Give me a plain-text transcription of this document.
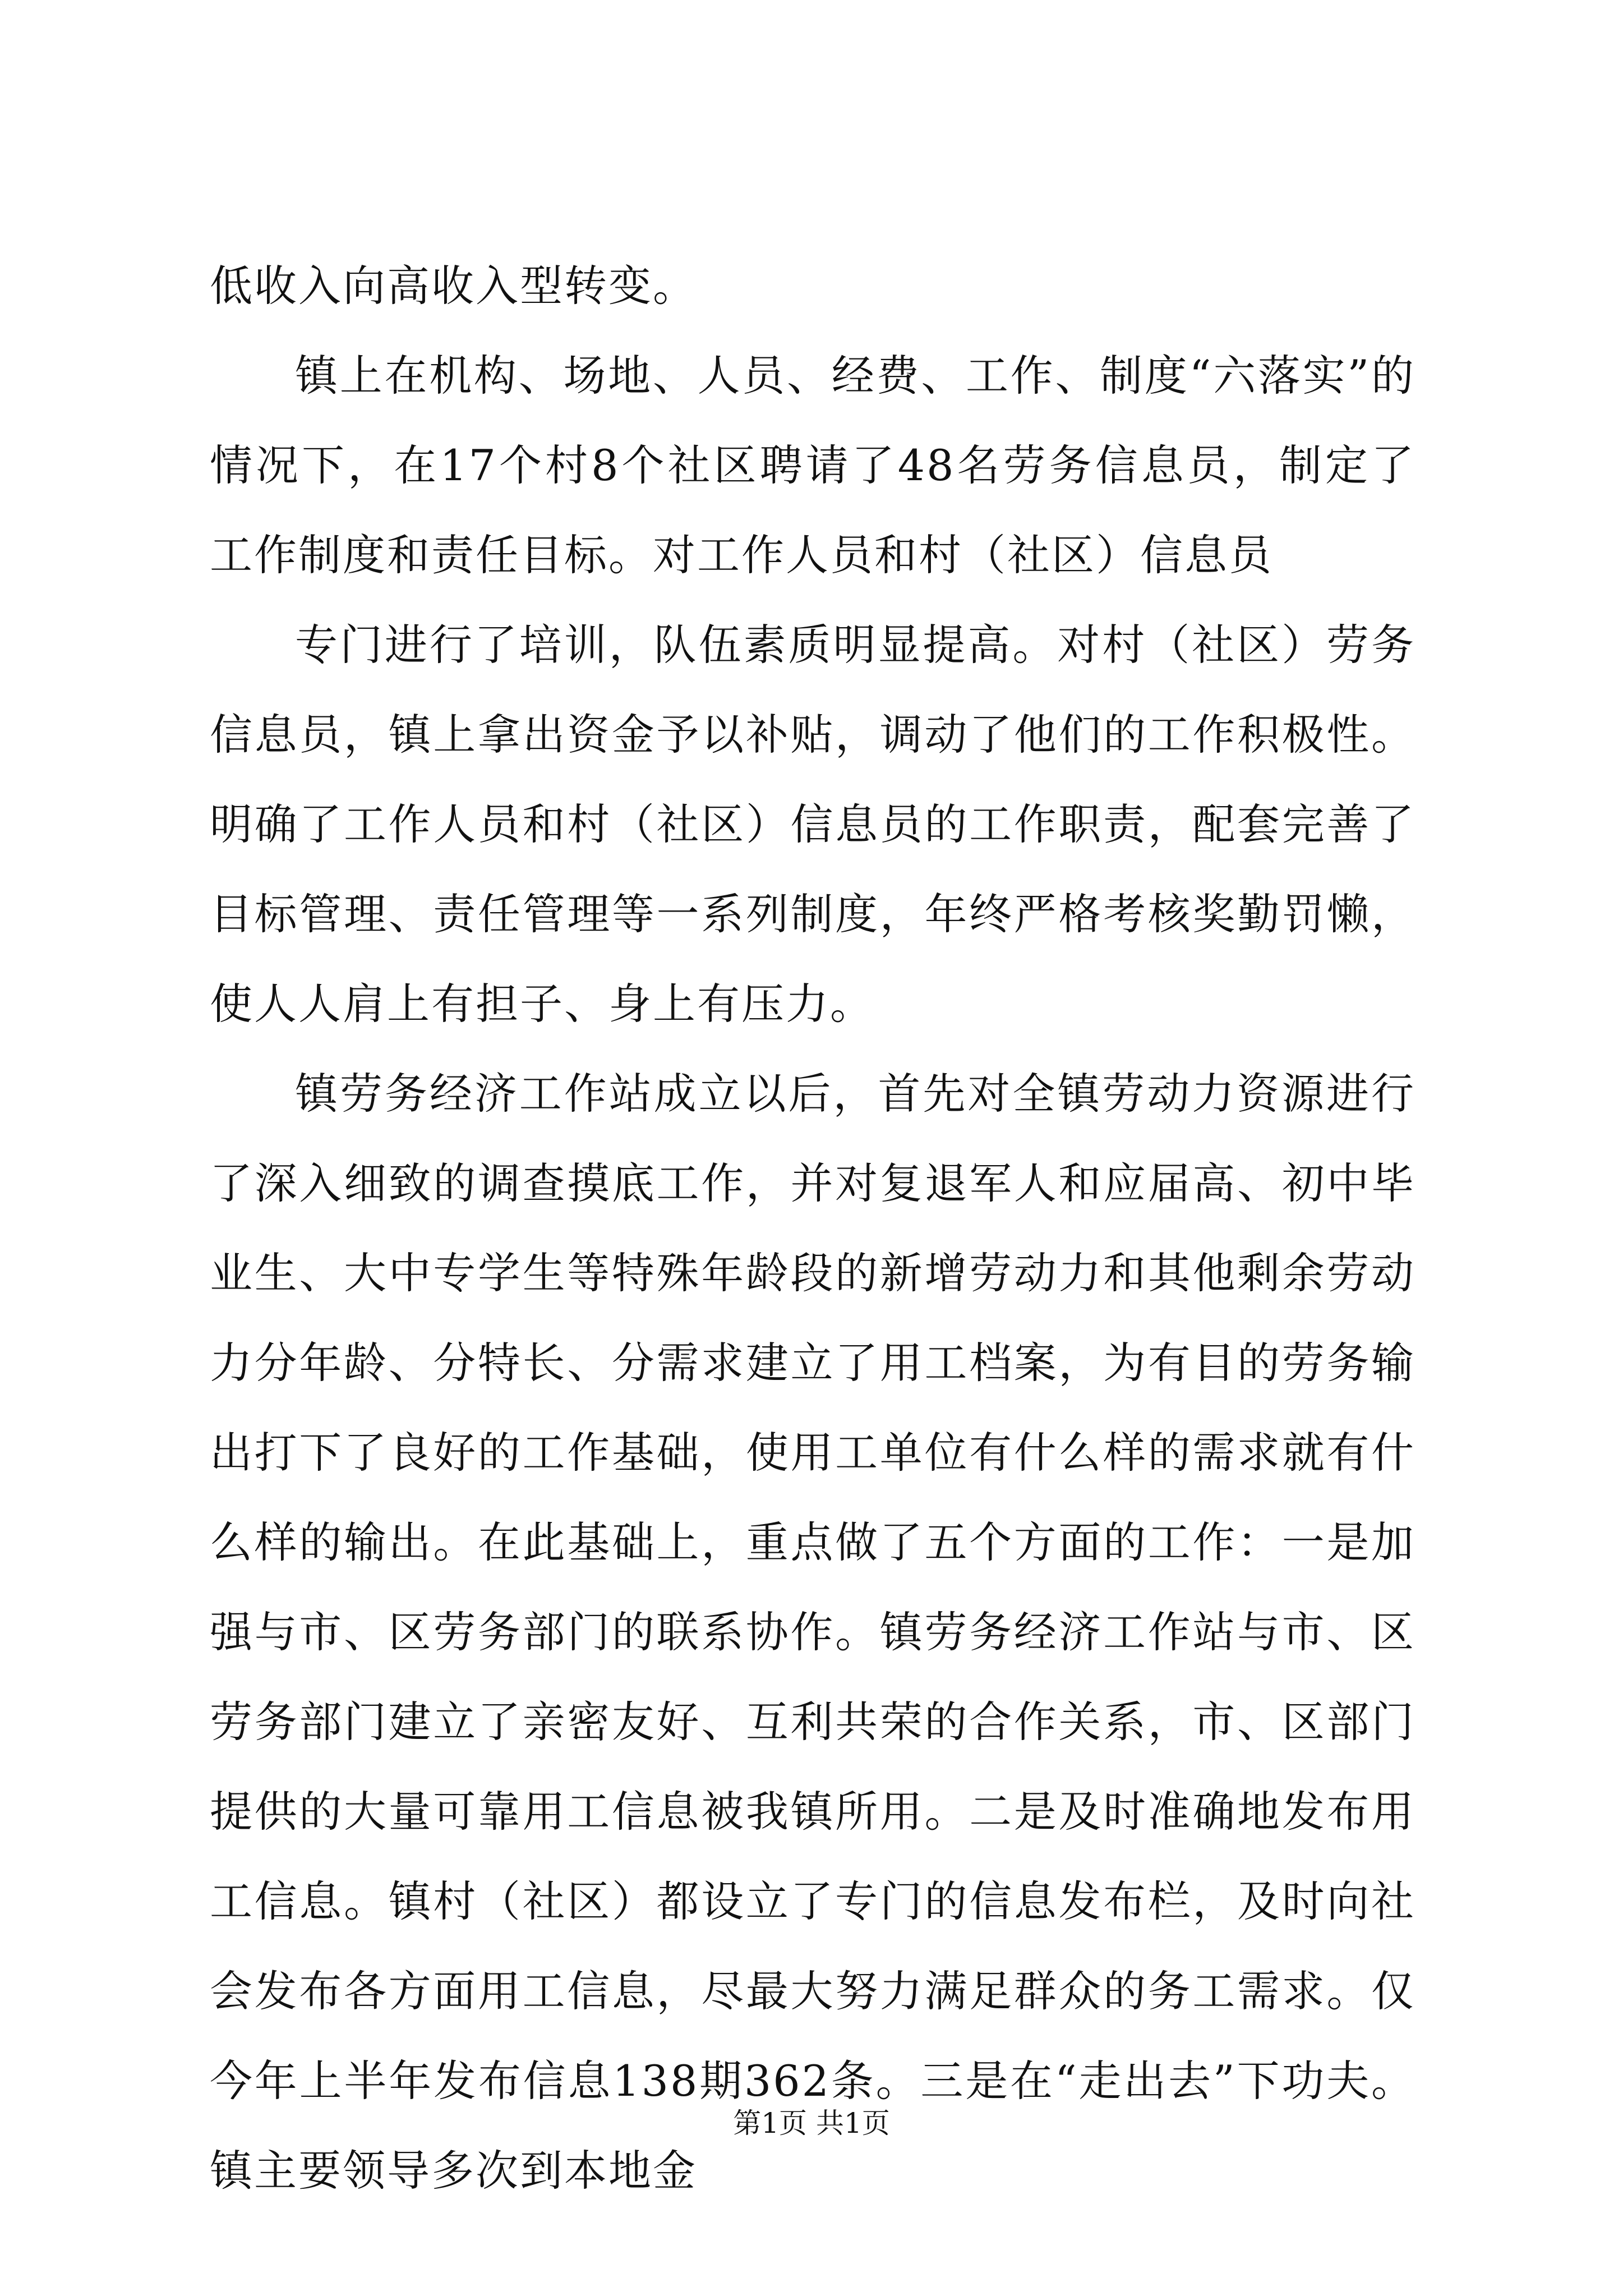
低收入向高收入型转变。

镇上在机构、场地、人员、经费、工作、制度“六落实”的情况下，在17个村8个社区聘请了48名劳务信息员，制定了工作制度和责任目标。对工作人员和村（社区）信息员

专门进行了培训，队伍素质明显提高。对村（社区）劳务信息员，镇上拿出资金予以补贴，调动了他们的工作积极性。明确了工作人员和村（社区）信息员的工作职责，配套完善了目标管理、责任管理等一系列制度，年终严格考核奖勤罚懒，使人人肩上有担子、身上有压力。

镇劳务经济工作站成立以后，首先对全镇劳动力资源进行了深入细致的调查摸底工作，并对复退军人和应届高、初中毕业生、大中专学生等特殊年龄段的新增劳动力和其他剩余劳动力分年龄、分特长、分需求建立了用工档案，为有目的劳务输出打下了良好的工作基础，使用工单位有什么样的需求就有什么样的输出。在此基础上，重点做了五个方面的工作：一是加强与市、区劳务部门的联系协作。镇劳务经济工作站与市、区劳务部门建立了亲密友好、互利共荣的合作关系，市、区部门提供的大量可靠用工信息被我镇所用。二是及时准确地发布用工信息。镇村（社区）都设立了专门的信息发布栏，及时向社会发布各方面用工信息，尽最大努力满足群众的务工需求。仅今年上半年发布信息138期362条。三是在“走出去”下功夫。镇主要领导多次到本地金

第1页 共1页
